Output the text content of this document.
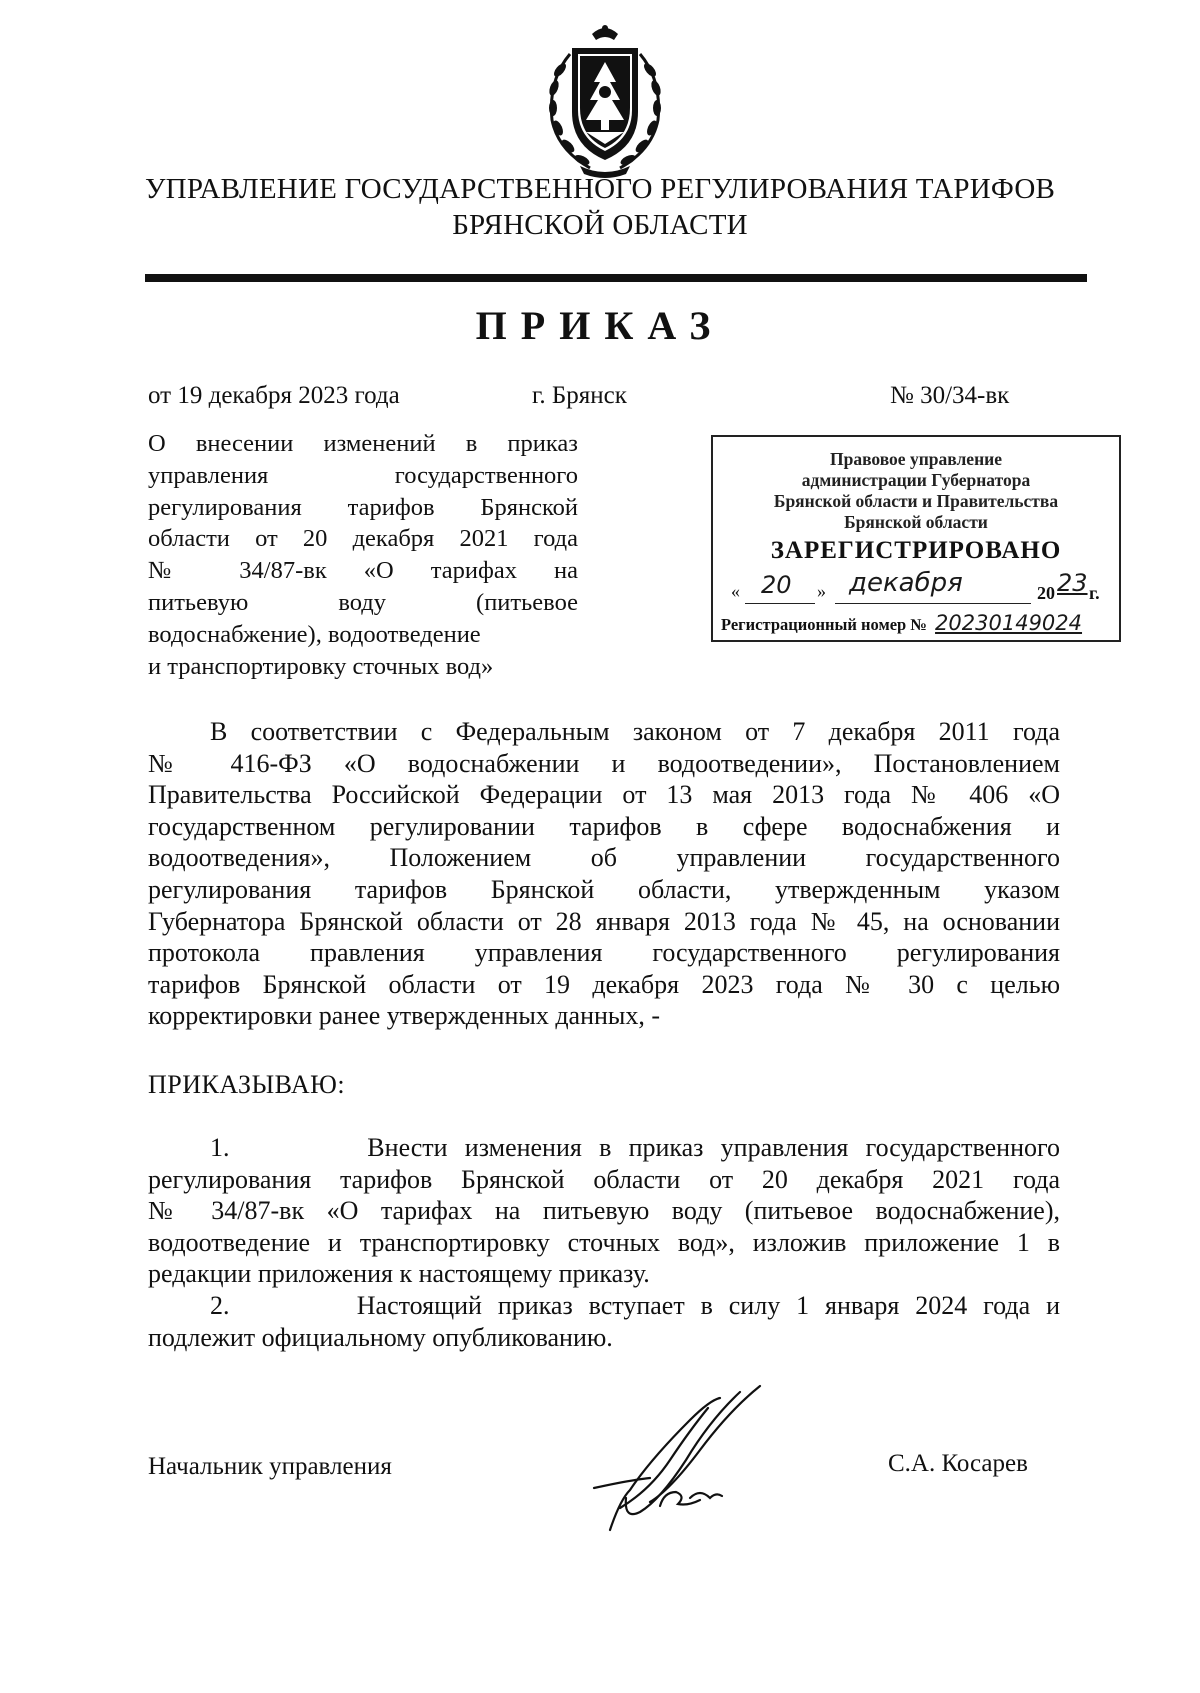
УПРАВЛЕНИЕ ГОСУДАРСТВЕННОГО РЕГУЛИРОВАНИЯ ТАРИФОВ
БРЯНСКОЙ ОБЛАСТИ
ПРИКАЗ
от 19 декабря 2023 года	г. Брянск	№ 30/34-вк
О внесении изменений в приказ
управления государственного
регулирования тарифов Брянской
области от 20 декабря 2021 года
№ 34/87-вк «О тарифах на
питьевую воду (питьевое
водоснабжение), водоотведение
и транспортировку сточных вод»
Правовое управление
администрации Губернатора
Брянской области и Правительства
Брянской области
ЗАРЕГИСТРИРОВАНО
« 20 » декабря	20 23 г.
Регистрационный номер № 20230149024
В соответствии с Федеральным законом от 7 декабря 2011 года
№ 416-ФЗ «О водоснабжении и водоотведении», Постановлением
Правительства Российской Федерации от 13 мая 2013 года № 406 «О
государственном регулировании тарифов в сфере водоснабжения и
водоотведения», Положением об управлении государственного
регулирования тарифов Брянской области, утвержденным указом
Губернатора Брянской области от 28 января 2013 года № 45, на основании
протокола правления управления государственного регулирования
тарифов Брянской области от 19 декабря 2023 года № 30 с целью
корректировки ранее утвержденных данных, -
ПРИКАЗЫВАЮ:
1.        Внести изменения в приказ управления государственного
регулирования тарифов Брянской области от 20 декабря 2021 года
№ 34/87-вк «О тарифах на питьевую воду (питьевое водоснабжение),
водоотведение и транспортировку сточных вод», изложив приложение 1 в
редакции приложения к настоящему приказу.
2.        Настоящий приказ вступает в силу 1 января 2024 года и
подлежит официальному опубликованию.
Начальник управления	С.А. Косарев
